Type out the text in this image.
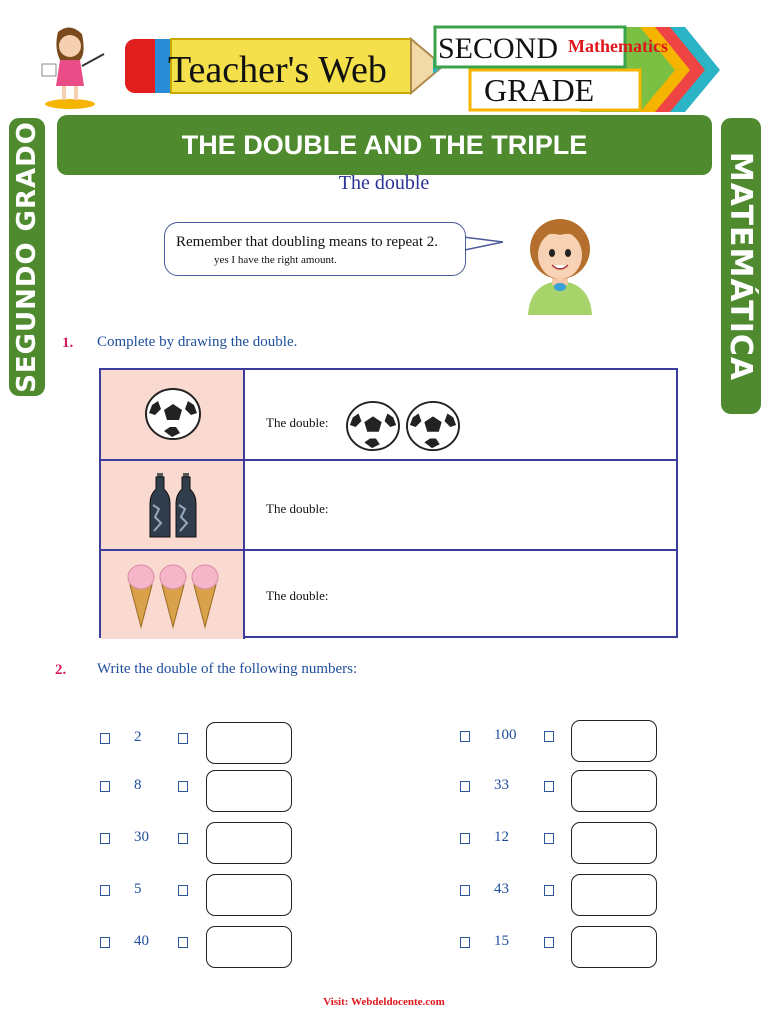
Teacher's Web
SECOND Mathematics
GRADE
SEGUNDO GRADO	MATEMÁTICA
THE DOUBLE AND THE TRIPLE
The double
Remember that doubling means to repeat 2.
yes I have the right amount.
1. Complete by drawing the double.
The double:
The double:
The double:
2. Write the double of the following numbers:
2
8
30
5
40
100
33
12
43
15
Visit: Webdeldocente.com
